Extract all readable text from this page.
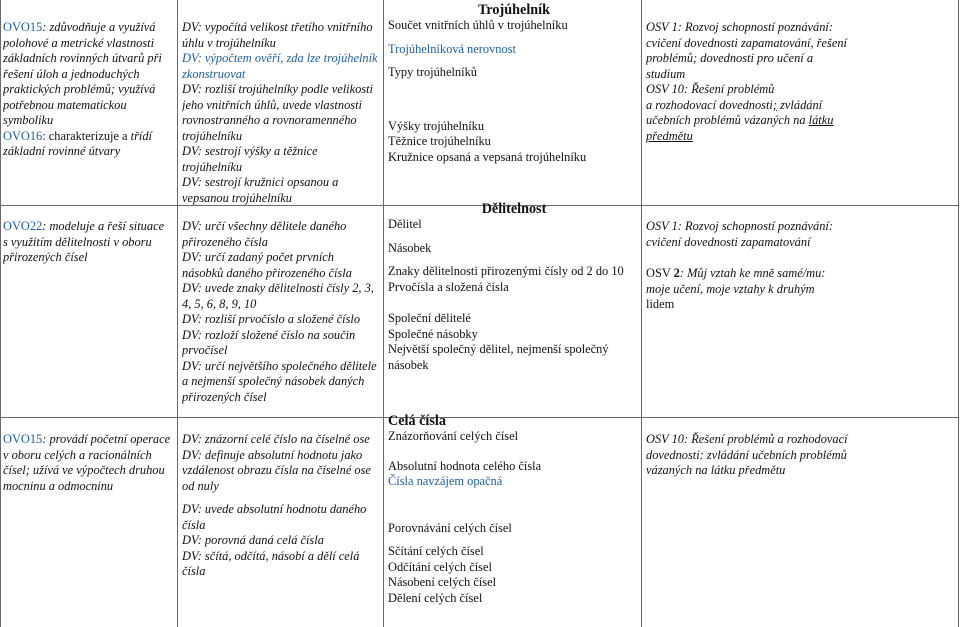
OVO15: zdůvodňuje a využívá polohové a metrické vlastnosti základních rovinných útvarů při řešení úloh a jednoduchých praktických problémů; využívá potřebnou matematickou symboliku
OVO16: charakterizuje a třídí základní rovinné útvary
OVO22: modeluje a řeší situace s využitím dělitelnosti v oboru přirozených čísel
OVO15: provádí početní operace v oboru celých a racionálních čísel; užívá ve výpočtech druhou mocninu a odmocninu
DV: vypočítá velikost třetího vnitřního úhlu v trojúhelníku
DV: výpočtem ověří, zda lze trojúhelník zkonstruovat
DV: rozliší trojúhelníky podle velikosti jeho vnitřních úhlů, uvede vlastnosti rovnostranného a rovnoramenného trojúhelníku
DV: sestrojí výšky a těžnice trojúhelníku
DV: sestrojí kružnici opsanou a vepsanou trojúhelníku
DV: určí všechny dělitele daného přirozeného čísla
DV: určí zadaný počet prvních násobků daného přirozeného čísla
DV: uvede znaky dělitelnosti čísly 2, 3, 4, 5, 6, 8, 9, 10
DV: rozliší prvočíslo a složené číslo
DV: rozloží složené číslo na součin prvočísel
DV: určí největšího společného dělitele a nejmenší společný násobek daných přirozených čísel
DV: znázorní celé číslo na číselné ose
DV: definuje absolutní hodnotu jako vzdálenost obrazu čísla na číselné ose od nuly
DV: uvede absolutní hodnotu daného čísla
DV: porovná daná celá čísla
DV: sčítá, odčítá, násobí a dělí celá čísla
Trojúhelník
Součet vnitřních úhlů v trojúhelníku
Trojúhelníková nerovnost
Typy trojúhelníků
Výšky trojúhelníku
Těžnice trojúhelníku
Kružnice opsaná a vepsaná trojúhelníku
Dělitelnost
Dělitel
Násobek
Znaky dělitelnosti přirozenými čísly od 2 do 10
Prvočísla a složená čísla
Společní dělitelé
Společné násobky
Největší společný dělitel, nejmenší společný násobek
Celá čísla
Znázorňování celých čísel
Absolutní hodnota celého čísla
Čísla navzájem opačná
Porovnávání celých čísel
Sčítání celých čísel
Odčítání celých čísel
Násobení celých čísel
Dělení celých čísel
OSV 1: Rozvoj schopností poznávání: cvičení dovednosti zapamatování, řešení problémů; dovednosti pro učení a studium
OSV 10: Řešení problémů
a rozhodovací dovednosti; zvládání učebních problémů vázaných na látku předmětu
OSV 1: Rozvoj schopností poznávání: cvičení dovednosti zapamatování
OSV 2: Můj vztah ke mně samé/mu: moje učení, moje vztahy k druhým
lidem
OSV 10: Řešení problémů a rozhodovací dovednosti: zvládání učebních problémů vázaných na látku předmětu
